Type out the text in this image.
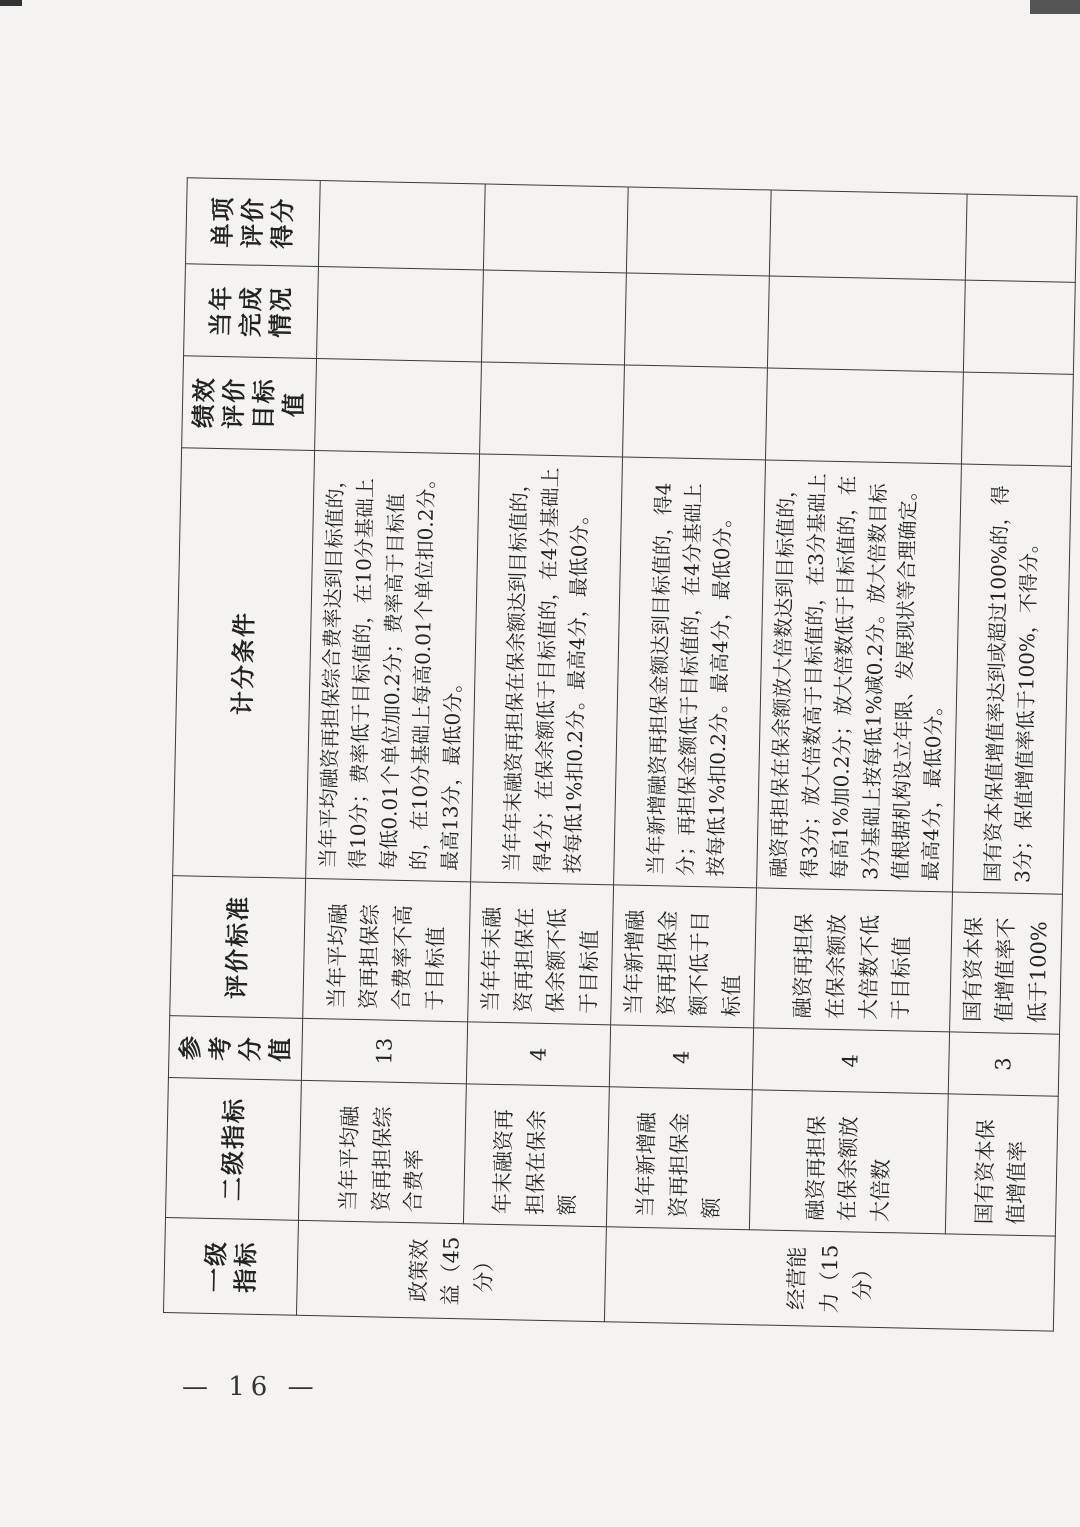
一级指标	二级指标	参考分值	评价标准	计分条件	绩效评价目标值	当年完成情况	单项评价得分
政策效益（45分）	当年平均融资再担保综合费率	13	当年平均融资再担保综合费率不高于目标值	当年平均融资再担保综合费率达到目标值的，得10分；费率低于目标值的，在10分基础上每低0.01个单位加0.2分；费率高于目标值的，在10分基础上每高0.01个单位扣0.2分。最高13分，最低0分。			
	年末融资再担保在保余额	4	当年年末融资再担保在保余额不低于目标值	当年年末融资再担保在保余额达到目标值的，得4分；在保余额低于目标值的，在4分基础上按每低1%扣0.2分。最高4分，最低0分。			
经营能力（15分）	当年新增融资再担保金额	4	当年新增融资再担保金额不低于目标值	当年新增融资再担保金额达到目标值的，得4分；再担保金额低于目标值的，在4分基础上按每低1%扣0.2分。最高4分，最低0分。			
	融资再担保在保余额放大倍数	4	融资再担保在保余额放大倍数不低于目标值	融资再担保在保余额放大倍数达到目标值的，得3分；放大倍数高于目标值的，在3分基础上每高1%加0.2分；放大倍数低于目标值的，在3分基础上按每低1%减0.2分。放大倍数目标值根据机构设立年限、发展现状等合理确定。最高4分，最低0分。			
	国有资本保值增值率	3	国有资本保值增值率不低于100%	国有资本保值增值率达到或超过100%的，得3分；保值增值率低于100%，不得分。			
— 16 —
